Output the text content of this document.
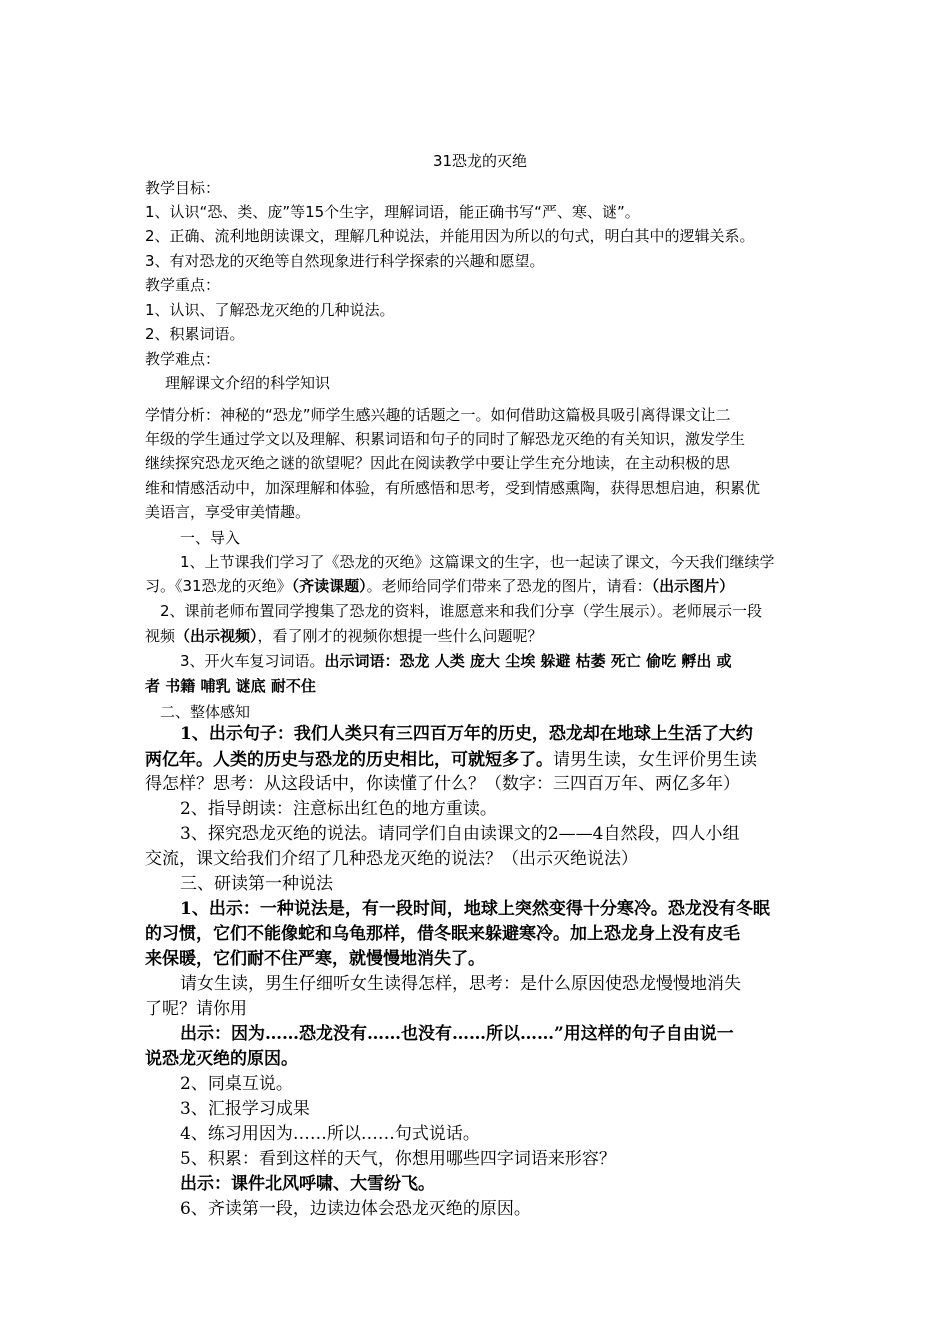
31恐龙的灭绝
教学目标：
1、认识“恐、类、庞”等15个生字，理解词语，能正确书写“严、寒、谜”。
2、正确、流利地朗读课文，理解几种说法，并能用因为所以的句式，明白其中的逻辑关系。
3、有对恐龙的灭绝等自然现象进行科学探索的兴趣和愿望。
教学重点：
1、认识、了解恐龙灭绝的几种说法。
2、积累词语。
教学难点：
理解课文介绍的科学知识
学情分析：神秘的“恐龙”师学生感兴趣的话题之一。如何借助这篇极具吸引离得课文让二
年级的学生通过学文以及理解、积累词语和句子的同时了解恐龙灭绝的有关知识，激发学生
继续探究恐龙灭绝之谜的欲望呢？因此在阅读教学中要让学生充分地读，在主动积极的思
维和情感活动中，加深理解和体验，有所感悟和思考，受到情感熏陶，获得思想启迪，积累优
美语言，享受审美情趣。
一、导入
1、上节课我们学习了《恐龙的灭绝》这篇课文的生字，也一起读了课文，今天我们继续学
习。《31恐龙的灭绝》（齐读课题）。老师给同学们带来了恐龙的图片，请看：（出示图片）
2、课前老师布置同学搜集了恐龙的资料，谁愿意来和我们分享（学生展示）。老师展示一段
视频（出示视频），看了刚才的视频你想提一些什么问题呢？
3、开火车复习词语。出示词语：恐龙 人类 庞大 尘埃 躲避 枯萎 死亡 偷吃 孵出 或
者 书籍 哺乳 谜底 耐不住
二、整体感知
1、出示句子：我们人类只有三四百万年的历史，恐龙却在地球上生活了大约
两亿年。人类的历史与恐龙的历史相比，可就短多了。请男生读，女生评价男生读
得怎样？思考：从这段话中，你读懂了什么？（数字：三四百万年、两亿多年）
2、指导朗读：注意标出红色的地方重读。
3、探究恐龙灭绝的说法。请同学们自由读课文的2——4自然段，四人小组
交流，课文给我们介绍了几种恐龙灭绝的说法？（出示灭绝说法）
三、研读第一种说法
1、出示：一种说法是，有一段时间，地球上突然变得十分寒冷。恐龙没有冬眠
的习惯，它们不能像蛇和乌龟那样，借冬眠来躲避寒冷。加上恐龙身上没有皮毛
来保暖，它们耐不住严寒，就慢慢地消失了。
请女生读，男生仔细听女生读得怎样，思考：是什么原因使恐龙慢慢地消失
了呢？请你用
出示：因为……恐龙没有……也没有……所以……”用这样的句子自由说一
说恐龙灭绝的原因。
2、同桌互说。
3、汇报学习成果
4、练习用因为……所以……句式说话。
5、积累：看到这样的天气，你想用哪些四字词语来形容？
出示：课件北风呼啸、大雪纷飞。
6、齐读第一段，边读边体会恐龙灭绝的原因。
